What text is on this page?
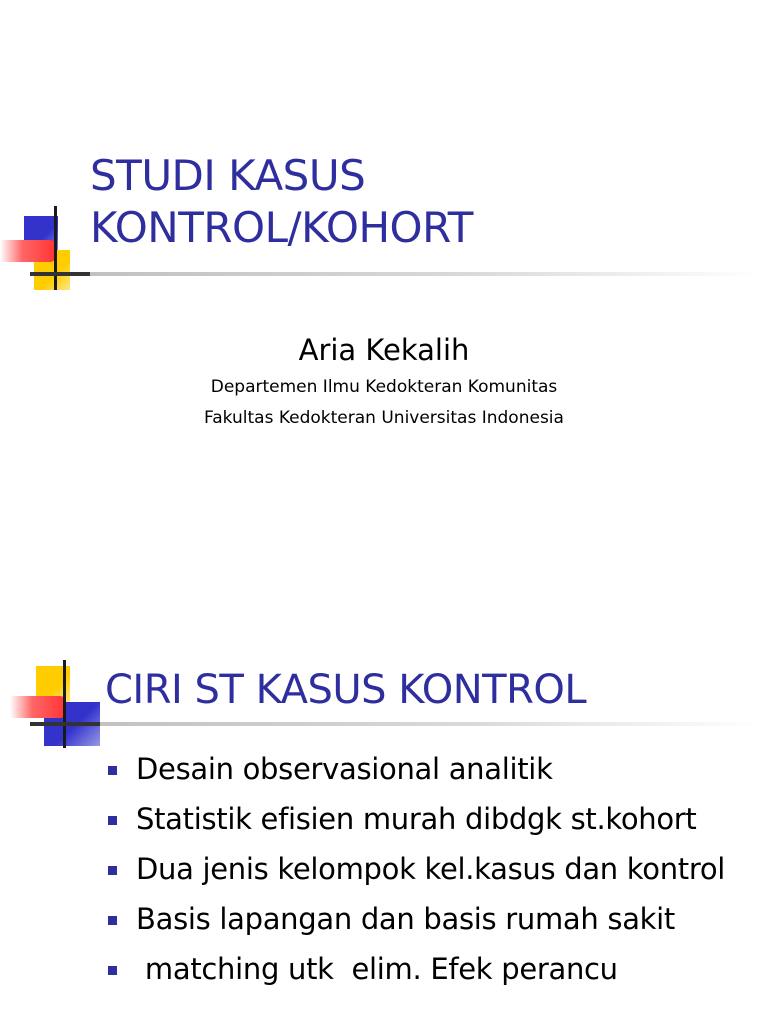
STUDI KASUS
KONTROL/KOHORT
Aria Kekalih
Departemen Ilmu Kedokteran Komunitas
Fakultas Kedokteran Universitas Indonesia
CIRI ST KASUS KONTROL
Desain observasional analitik
Statistik efisien murah dibdgk st.kohort
Dua jenis kelompok kel.kasus dan kontrol
Basis lapangan dan basis rumah sakit
matching utk  elim. Efek perancu
